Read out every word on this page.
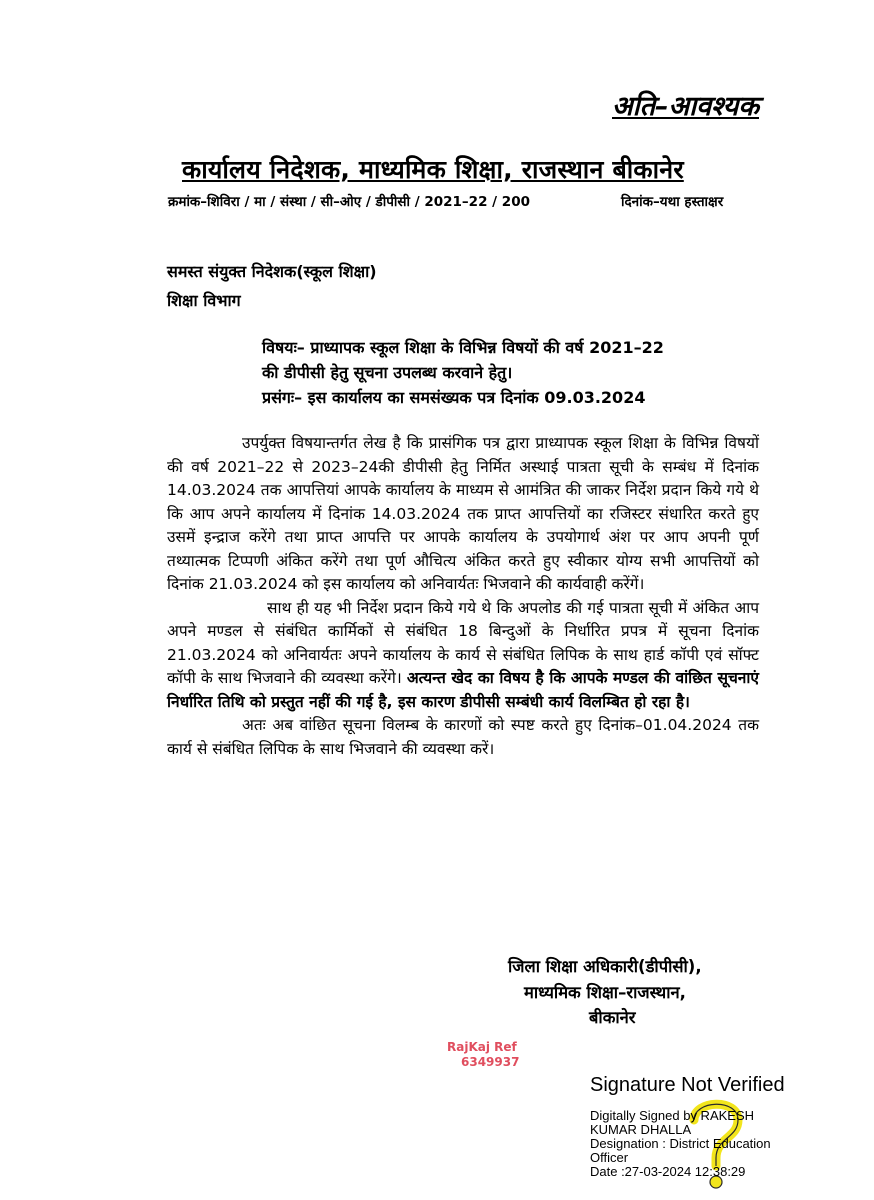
अति–आवश्यक
कार्यालय निदेशक, माध्यमिक शिक्षा, राजस्थान बीकानेर
क्रमांक–शिविरा / मा / संस्था / सी–ओए / डीपीसी / 2021–22 / 200	दिनांक–यथा हस्ताक्षर
समस्त संयुक्त निदेशक(स्कूल शिक्षा)
शिक्षा विभाग
विषयः– प्राध्यापक स्कूल शिक्षा के विभिन्न विषयों की वर्ष 2021–22
की डीपीसी हेतु सूचना उपलब्ध करवाने हेतु।
प्रसंगः– इस कार्यालय का समसंख्यक पत्र दिनांक 09.03.2024

उपर्युक्त विषयान्तर्गत लेख है कि प्रासंगिक पत्र द्वारा प्राध्यापक स्कूल शिक्षा के विभिन्न विषयों की वर्ष 2021–22 से 2023–24की डीपीसी हेतु निर्मित अस्थाई पात्रता सूची के सम्बंध में दिनांक 14.03.2024 तक आपत्तियां आपके कार्यालय के माध्यम से आमंत्रित की जाकर निर्देश प्रदान किये गये थे कि आप अपने कार्यालय में दिनांक 14.03.2024 तक प्राप्त आपत्तियों का रजिस्टर संधारित करते हुए उसमें इन्द्राज करेंगे तथा प्राप्त आपत्ति पर आपके कार्यालय के उपयोगार्थ अंश पर आप अपनी पूर्ण तथ्यात्मक टिप्पणी अंकित करेंगे तथा पूर्ण औचित्य अंकित करते हुए स्वीकार योग्य सभी आपत्तियों को दिनांक 21.03.2024 को इस कार्यालय को अनिवार्यतः भिजवाने की कार्यवाही करेंगें।

साथ ही यह भी निर्देश प्रदान किये गये थे कि अपलोड की गई पात्रता सूची में अंकित आप अपने मण्डल से संबंधित कार्मिकों से संबंधित 18 बिन्दुओं के निर्धारित प्रपत्र में सूचना दिनांक 21.03.2024 को अनिवार्यतः अपने कार्यालय के कार्य से संबंधित लिपिक के साथ हार्ड कॉपी एवं सॉफ्ट कॉपी के साथ भिजवाने की व्यवस्था करेंगे। अत्यन्त खेद का विषय है कि आपके मण्डल की वांछित सूचनाएं निर्धारित तिथि को प्रस्तुत नहीं की गई है, इस कारण डीपीसी सम्बंधी कार्य विलम्बित हो रहा है।

अतः अब वांछित सूचना विलम्ब के कारणों को स्पष्ट करते हुए दिनांक–01.04.2024 तक कार्य से संबंधित लिपिक के साथ भिजवाने की व्यवस्था करें।

जिला शिक्षा अधिकारी(डीपीसी),
माध्यमिक शिक्षा–राजस्थान,
बीकानेर
RajKaj Ref
6349937
Signature Not Verified
Digitally Signed by RAKESH
KUMAR DHALLA
Designation : District Education
Officer
Date :27-03-2024 12:38:29
